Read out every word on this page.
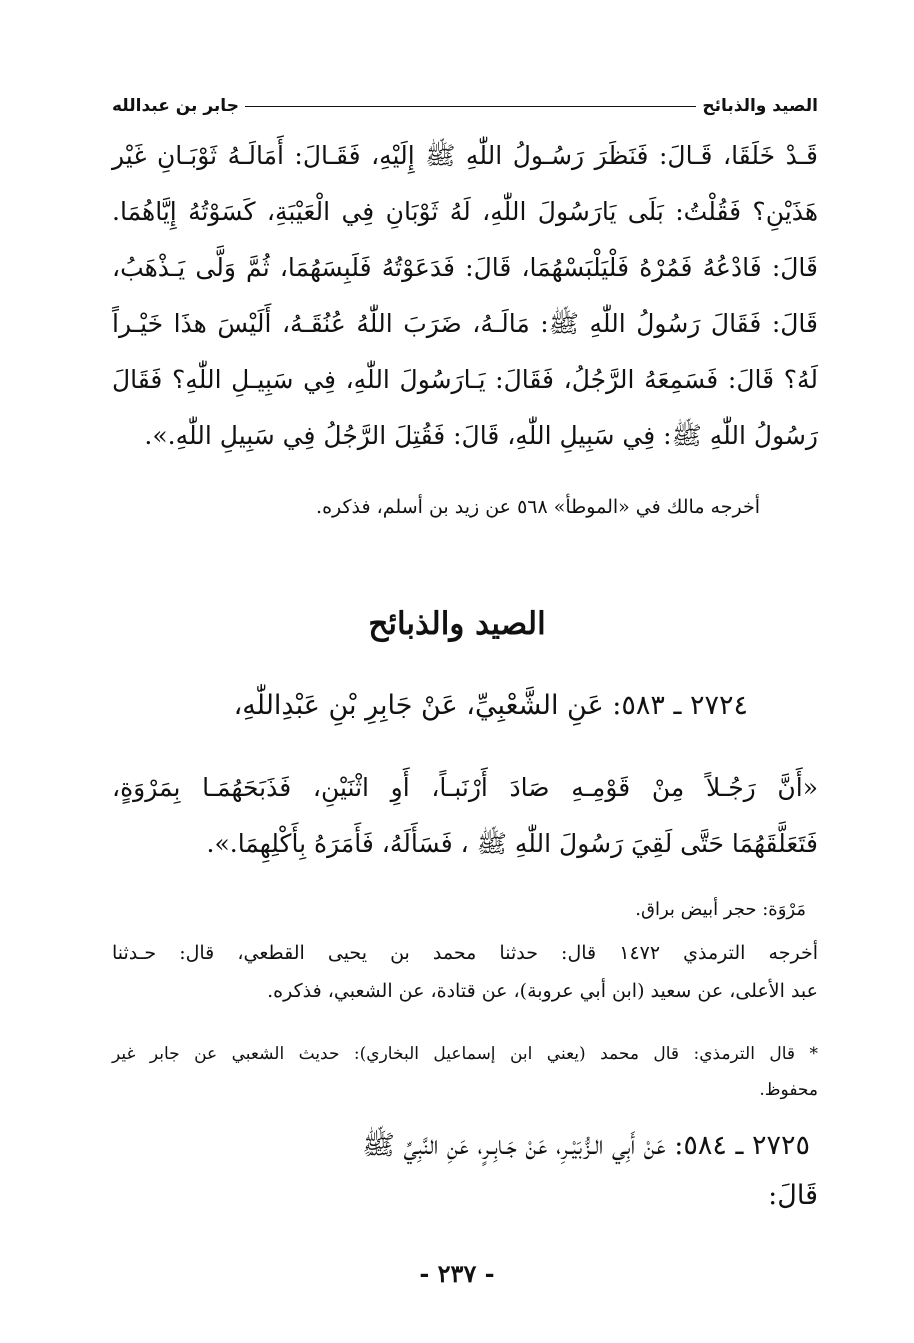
الصيد والذبائح
جابر بن عبدالله
قَـدْ خَلَقَا، قَـالَ: فَنَظَرَ رَسُـولُ اللّٰهِ ﷺ إِلَيْهِ، فَقَـالَ: أَمَالَـهُ ثَوْبَـانِ غَيْر
هَذَيْنِ؟ فَقُلْتُ: بَلَى يَارَسُولَ اللّٰهِ، لَهُ ثَوْبَانِ فِي الْعَيْبَةِ، كَسَوْتُهُ إِيَّاهُمَا.
قَالَ: فَادْعُهُ فَمُرْهُ فَلْيَلْبَسْهُمَا، قَالَ: فَدَعَوْتُهُ فَلَبِسَهُمَا، ثُمَّ وَلَّى يَـذْهَبُ،
قَالَ: فَقَالَ رَسُولُ اللّٰهِ ﷺ: مَالَـهُ، ضَرَبَ اللّٰهُ عُنُقَـهُ، أَلَيْسَ هذَا خَيْـراً
لَهُ؟ قَالَ: فَسَمِعَهُ الرَّجُلُ، فَقَالَ: يَـارَسُولَ اللّٰهِ، فِي سَبِيـلِ اللّٰهِ؟ فَقَالَ
رَسُولُ اللّٰهِ ﷺ: فِي سَبِيلِ اللّٰهِ، قَالَ: فَقُتِلَ الرَّجُلُ فِي سَبِيلِ اللّٰهِ.».
أخرجه مالك في «الموطأ» ٥٦٨ عن زيد بن أسلم، فذكره.
الصيد والذبائح
٢٧٢٤ ـ ٥٨٣: عَنِ الشَّعْبِيِّ، عَنْ جَابِرِ بْنِ عَبْدِاللّٰهِ،
«أَنَّ رَجُـلاً مِنْ قَوْمِـهِ صَادَ أَرْنَبـاً، أَوِ اثْنَيْنِ، فَذَبَحَهُمَـا بِمَرْوَةٍ،
فَتَعَلَّقَهُمَا حَتَّى لَقِيَ رَسُولَ اللّٰهِ ﷺ ، فَسَأَلَهُ، فَأَمَرَهُ بِأَكْلِهِمَا.».
مَرْوَة: حجر أبيض براق.
أخرجه الترمذي ١٤٧٢ قال: حدثنا محمد بن يحيى القطعي، قال: حـدثنا
عبد الأعلى، عن سعيد (ابن أبي عروبة)، عن قتادة، عن الشعبي، فذكره.
* قال الترمذي: قال محمد (يعني ابن إسماعيل البخاري): حديث الشعبي عن جابر غير
محفوظ.
٢٧٢٥ ـ ٥٨٤: عَنْ أَبِي الـزُّبَيْـرِ، عَنْ جَـابِـرٍ، عَنِ النَّبِيِّ ﷺ
قَالَ:
- ٢٣٧ -
